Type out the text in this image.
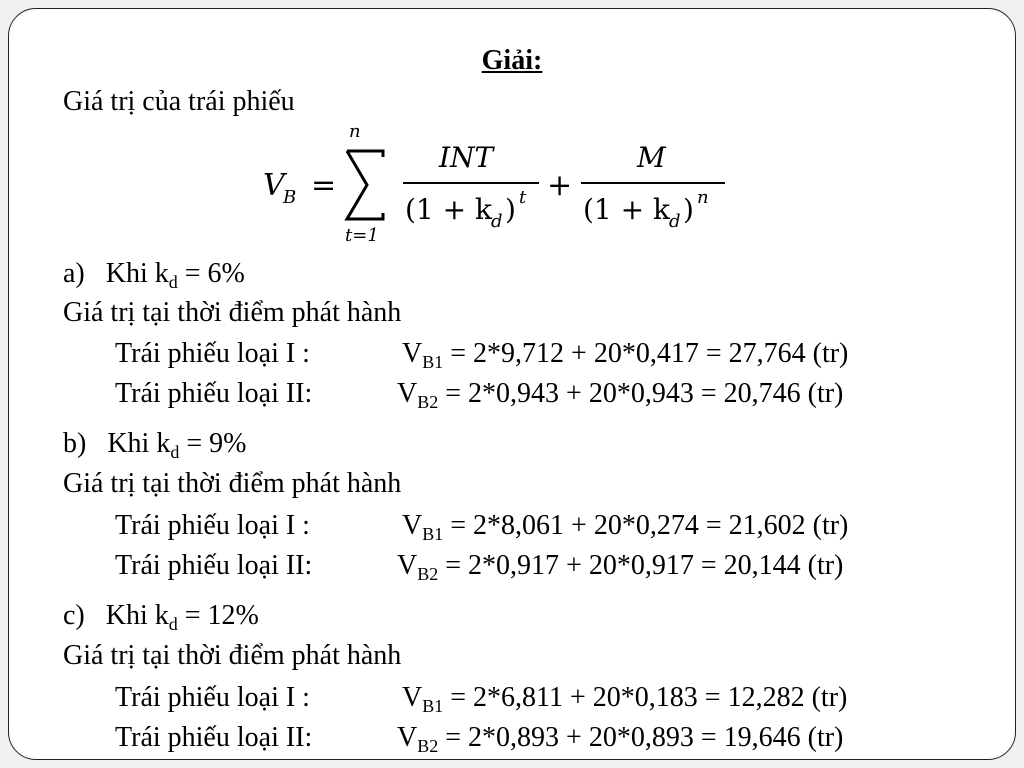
Giải:
Giá trị của trái phiếu
V
B =
n
t=1
INT
(1 + k d ) t +
M
(1 + k d ) n
a) Khi $k_d = 6\%$
Giá trị tại thời điểm phát hành
Trái phiếu loại I :	$V_{B1} = 2*9,712 + 20*0,417 = 27,764$ (tr)
Trái phiếu loại II:	$V_{B2} = 2*0,943 + 20*0,943 = 20,746$ (tr)
b) Khi $k_d = 9\%$
Giá trị tại thời điểm phát hành
Trái phiếu loại I :	$V_{B1} = 2*8,061 + 20*0,274 = 21,602$ (tr)
Trái phiếu loại II:	$V_{B2} = 2*0,917 + 20*0,917 = 20,144$ (tr)
c) Khi $k_d = 12\%$
Giá trị tại thời điểm phát hành
Trái phiếu loại I :	$V_{B1} = 2*6,811 + 20*0,183 = 12,282$ (tr)
Trái phiếu loại II:	$V_{B2} = 2*0,893 + 20*0,893 = 19,646$ (tr)
